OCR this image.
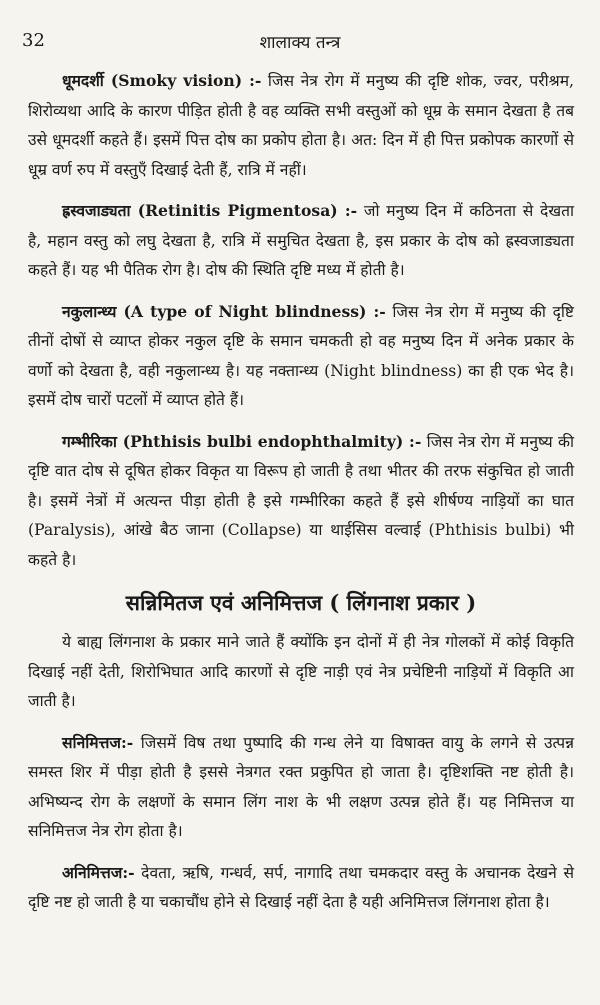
32	शालाक्य तन्त्र

धूमदर्शी (Smoky vision) :- जिस नेत्र रोग में मनुष्य की दृष्टि शोक, ज्वर, परीश्रम, शिरोव्यथा आदि के कारण पीड़ित होती है वह व्यक्ति सभी वस्तुओं को धूम्र के समान देखता है तब उसे धूमदर्शी कहते हैं। इसमें पित्त दोष का प्रकोप होता है। अत: दिन में ही पित्त प्रकोपक कारणों से धूम्र वर्ण रुप में वस्तुएँ दिखाई देती हैं, रात्रि में नहीं।

ह्रस्वजाड्यता (Retinitis Pigmentosa) :- जो मनुष्य दिन में कठिनता से देखता है, महान वस्तु को लघु देखता है, रात्रि में समुचित देखता है, इस प्रकार के दोष को ह्रस्वजाड्यता कहते हैं। यह भी पैतिक रोग है। दोष की स्थिति दृष्टि मध्य में होती है।

नकुलान्ध्य (A type of Night blindness) :- जिस नेत्र रोग में मनुष्य की दृष्टि तीनों दोषों से व्याप्त होकर नकुल दृष्टि के समान चमकती हो वह मनुष्य दिन में अनेक प्रकार के वर्णो को देखता है, वही नकुलान्ध्य है। यह नक्तान्ध्य (Night blindness) का ही एक भेद है। इसमें दोष चारों पटलों में व्याप्त होते हैं।

गम्भीरिका (Phthisis bulbi endophthalmity) :- जिस नेत्र रोग में मनुष्य की दृष्टि वात दोष से दूषित होकर विकृत या विरूप हो जाती है तथा भीतर की तरफ संकुचित हो जाती है। इसमें नेत्रों में अत्यन्त पीड़ा होती है इसे गम्भीरिका कहते हैं इसे शीर्षण्य नाड़ियों का घात (Paralysis), आंखे बैठ जाना (Collapse) या थाईसिस वल्वाई (Phthisis bulbi) भी कहते है।

सन्निमितज एवं अनिमित्तज ( लिंगनाश प्रकार )

ये बाह्य लिंगनाश के प्रकार माने जाते हैं क्योंकि इन दोनों में ही नेत्र गोलकों में कोई विकृति दिखाई नहीं देती, शिरोभिघात आदि कारणों से दृष्टि नाड़ी एवं नेत्र प्रचेष्टिनी नाड़ियों में विकृति आ जाती है।

सनिमित्तज:- जिसमें विष तथा पुष्पादि की गन्ध लेने या विषाक्त वायु के लगने से उत्पन्न समस्त शिर में पीड़ा होती है इससे नेत्रगत रक्त प्रकुपित हो जाता है। दृष्टिशक्ति नष्ट होती है। अभिष्यन्द रोग के लक्षणों के समान लिंग नाश के भी लक्षण उत्पन्न होते हैं। यह निमित्तज या सनिमित्तज नेत्र रोग होता है।

अनिमित्तज:- देवता, ऋषि, गन्धर्व, सर्प, नागादि तथा चमकदार वस्तु के अचानक देखने से दृष्टि नष्ट हो जाती है या चकाचौंध होने से दिखाई नहीं देता है यही अनिमित्तज लिंगनाश होता है।
